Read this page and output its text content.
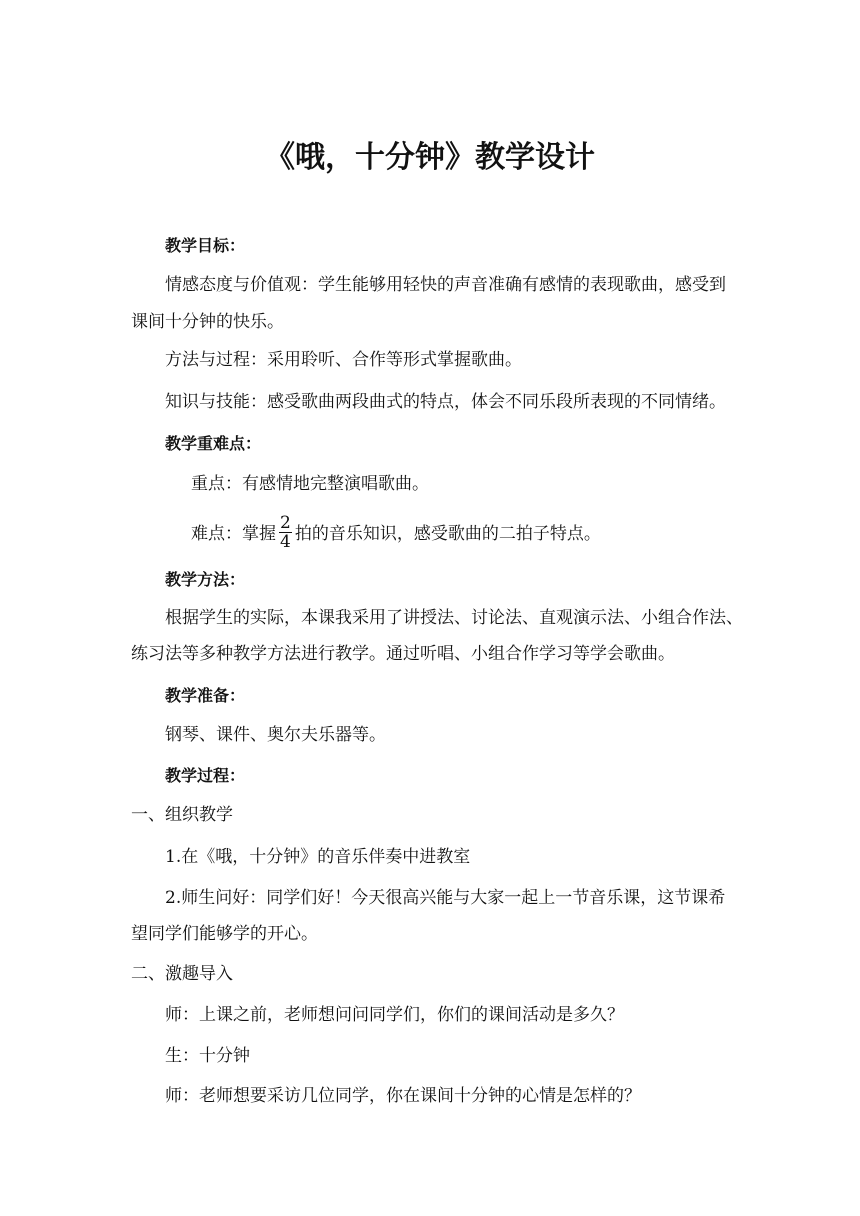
《哦，十分钟》教学设计
教学目标：
情感态度与价值观：学生能够用轻快的声音准确有感情的表现歌曲，感受到
课间十分钟的快乐。
方法与过程：采用聆听、合作等形式掌握歌曲。
知识与技能：感受歌曲两段曲式的特点，体会不同乐段所表现的不同情绪。
教学重难点：
重点：有感情地完整演唱歌曲。
难点：掌握 $\frac{2}{4}$ 拍的音乐知识，感受歌曲的二拍子特点。
教学方法：
根据学生的实际，本课我采用了讲授法、讨论法、直观演示法、小组合作法、
练习法等多种教学方法进行教学。通过听唱、小组合作学习等学会歌曲。
教学准备：
钢琴、课件、奥尔夫乐器等。
教学过程：
一、组织教学
1.在《哦，十分钟》的音乐伴奏中进教室
2.师生问好：同学们好！今天很高兴能与大家一起上一节音乐课，这节课希
望同学们能够学的开心。
二、激趣导入
师：上课之前，老师想问问同学们，你们的课间活动是多久？
生：十分钟
师：老师想要采访几位同学，你在课间十分钟的心情是怎样的？
